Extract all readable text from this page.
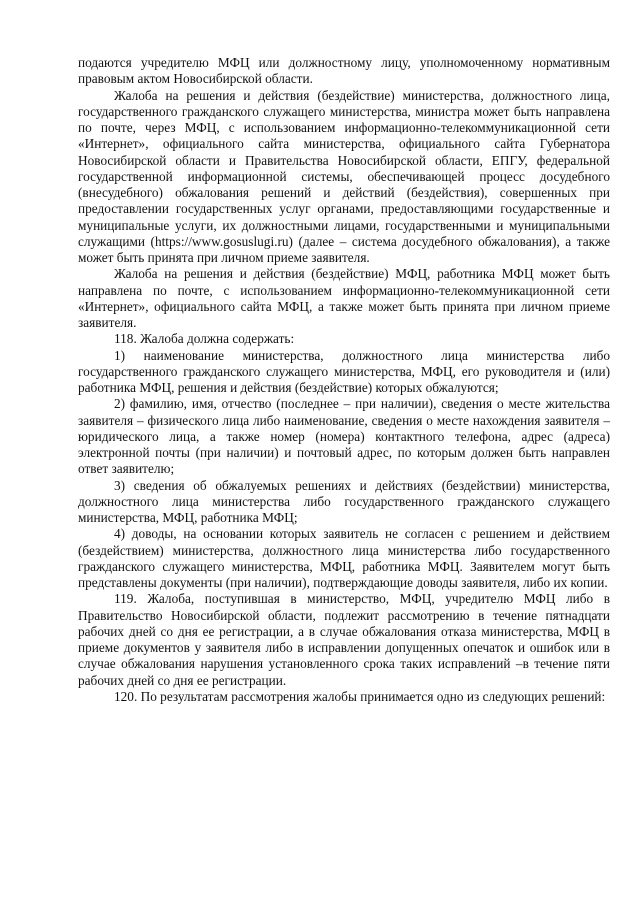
подаются учредителю МФЦ или должностному лицу, уполномоченному нормативным правовым актом Новосибирской области.

Жалоба на решения и действия (бездействие) министерства, должностного лица, государственного гражданского служащего министерства, министра может быть направлена по почте, через МФЦ, с использованием информационно-телекоммуникационной сети «Интернет», официального сайта министерства, официального сайта Губернатора Новосибирской области и Правительства Новосибирской области, ЕПГУ, федеральной государственной информационной системы, обеспечивающей процесс досудебного (внесудебного) обжалования решений и действий (бездействия), совершенных при предоставлении государственных услуг органами, предоставляющими государственные и муниципальные услуги, их должностными лицами, государственными и муниципальными служащими (https://www.gosuslugi.ru) (далее – система досудебного обжалования), а также может быть принята при личном приеме заявителя.

Жалоба на решения и действия (бездействие) МФЦ, работника МФЦ может быть направлена по почте, с использованием информационно-телекоммуникационной сети «Интернет», официального сайта МФЦ, а также может быть принята при личном приеме заявителя.

118. Жалоба должна содержать:

1) наименование министерства, должностного лица министерства либо государственного гражданского служащего министерства, МФЦ, его руководителя и (или) работника МФЦ, решения и действия (бездействие) которых обжалуются;

2) фамилию, имя, отчество (последнее – при наличии), сведения о месте жительства заявителя – физического лица либо наименование, сведения о месте нахождения заявителя – юридического лица, а также номер (номера) контактного телефона, адрес (адреса) электронной почты (при наличии) и почтовый адрес, по которым должен быть направлен ответ заявителю;

3) сведения об обжалуемых решениях и действиях (бездействии) министерства, должностного лица министерства либо государственного гражданского служащего министерства, МФЦ, работника МФЦ;

4) доводы, на основании которых заявитель не согласен с решением и действием (бездействием) министерства, должностного лица министерства либо государственного гражданского служащего министерства, МФЦ, работника МФЦ. Заявителем могут быть представлены документы (при наличии), подтверждающие доводы заявителя, либо их копии.

119. Жалоба, поступившая в министерство, МФЦ, учредителю МФЦ либо в Правительство Новосибирской области, подлежит рассмотрению в течение пятнадцати рабочих дней со дня ее регистрации, а в случае обжалования отказа министерства, МФЦ в приеме документов у заявителя либо в исправлении допущенных опечаток и ошибок или в случае обжалования нарушения установленного срока таких исправлений –в течение пяти рабочих дней со дня ее регистрации.

120. По результатам рассмотрения жалобы принимается одно из следующих решений:
